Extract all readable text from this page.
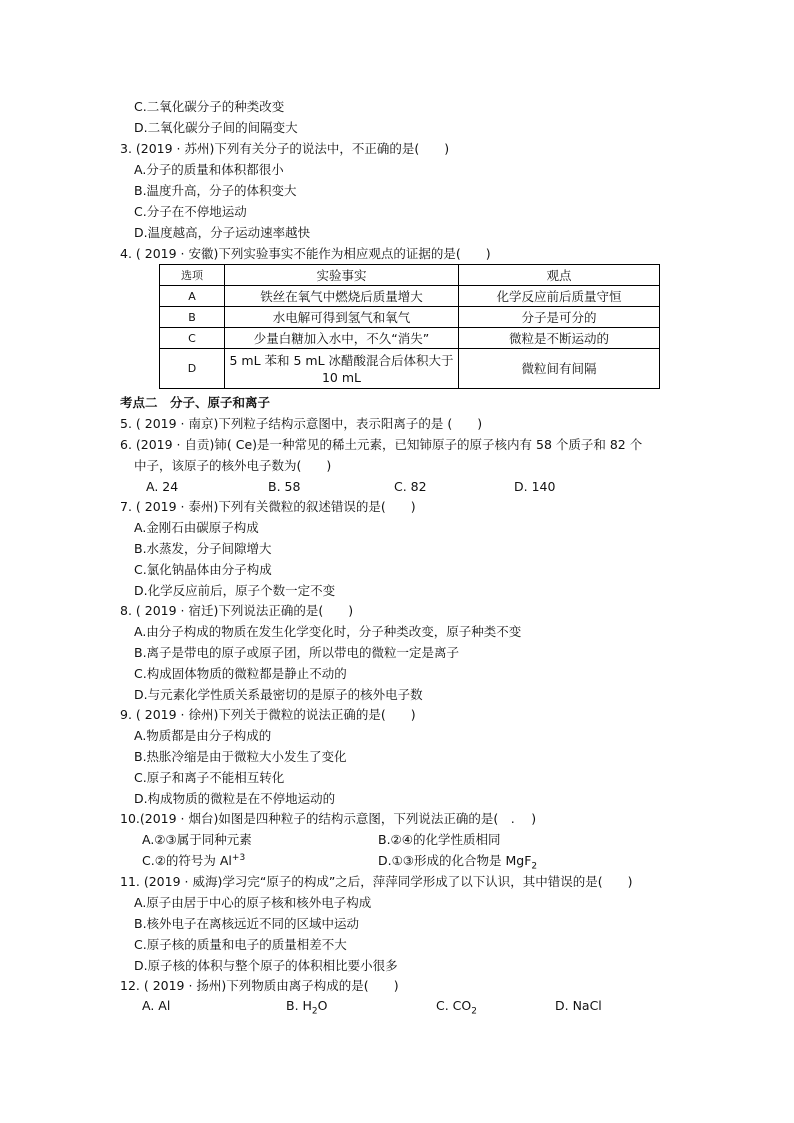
C.二氧化碳分子的种类改变
D.二氧化碳分子间的间隔变大
3. (2019 · 苏州)下列有关分子的说法中，不正确的是(　　)
A.分子的质量和体积都很小
B.温度升高，分子的体积变大
C.分子在不停地运动
D.温度越高，分子运动速率越快
4. ( 2019 · 安徽)下列实验事实不能作为相应观点的证据的是(　　)
选项	实验事实	观点
A	铁丝在氧气中燃烧后质量增大	化学反应前后质量守恒
B	水电解可得到氢气和氧气	分子是可分的
C	少量白糖加入水中，不久“消失”	微粒是不断运动的
D	5 mL 苯和 5 mL 冰醋酸混合后体积大于 10 mL	微粒间有间隔
考点二　分子、原子和离子
5. ( 2019 · 南京)下列粒子结构示意图中，表示阳离子的是 (　　)
6. (2019 · 自贡)铈( Ce)是一种常见的稀土元素，已知铈原子的原子核内有 58 个质子和 82 个
中子，该原子的核外电子数为(　　)
A. 24	B. 58	C. 82	D. 140
7. ( 2019 · 泰州)下列有关微粒的叙述错误的是(　　)
A.金刚石由碳原子构成
B.水蒸发，分子间隙增大
C.氯化钠晶体由分子构成
D.化学反应前后，原子个数一定不变
8. ( 2019 · 宿迁)下列说法正确的是(　　)
A.由分子构成的物质在发生化学变化时，分子种类改变，原子种类不变
B.离子是带电的原子或原子团，所以带电的微粒一定是离子
C.构成固体物质的微粒都是静止不动的
D.与元素化学性质关系最密切的是原子的核外电子数
9. ( 2019 · 徐州)下列关于微粒的说法正确的是(　　)
A.物质都是由分子构成的
B.热胀冷缩是由于微粒大小发生了变化
C.原子和离子不能相互转化
D.构成物质的微粒是在不停地运动的
10.(2019 · 烟台)如图是四种粒子的结构示意图，下列说法正确的是(　. 　)
A.②③属于同种元素	B.②④的化学性质相同
C.②的符号为 $Al^{+3}$	D.①③形成的化合物是 MgF$_2$
11. (2019 · 威海)学习完“原子的构成”之后，萍萍同学形成了以下认识，其中错误的是(　　)
A.原子由居于中心的原子核和核外电子构成
B.核外电子在离核远近不同的区域中运动
C.原子核的质量和电子的质量相差不大
D.原子核的体积与整个原子的体积相比要小很多
12. ( 2019 · 扬州)下列物质由离子构成的是(　　)
A. Al	B. $H_2O$	C. $CO_2$	D. NaCl
